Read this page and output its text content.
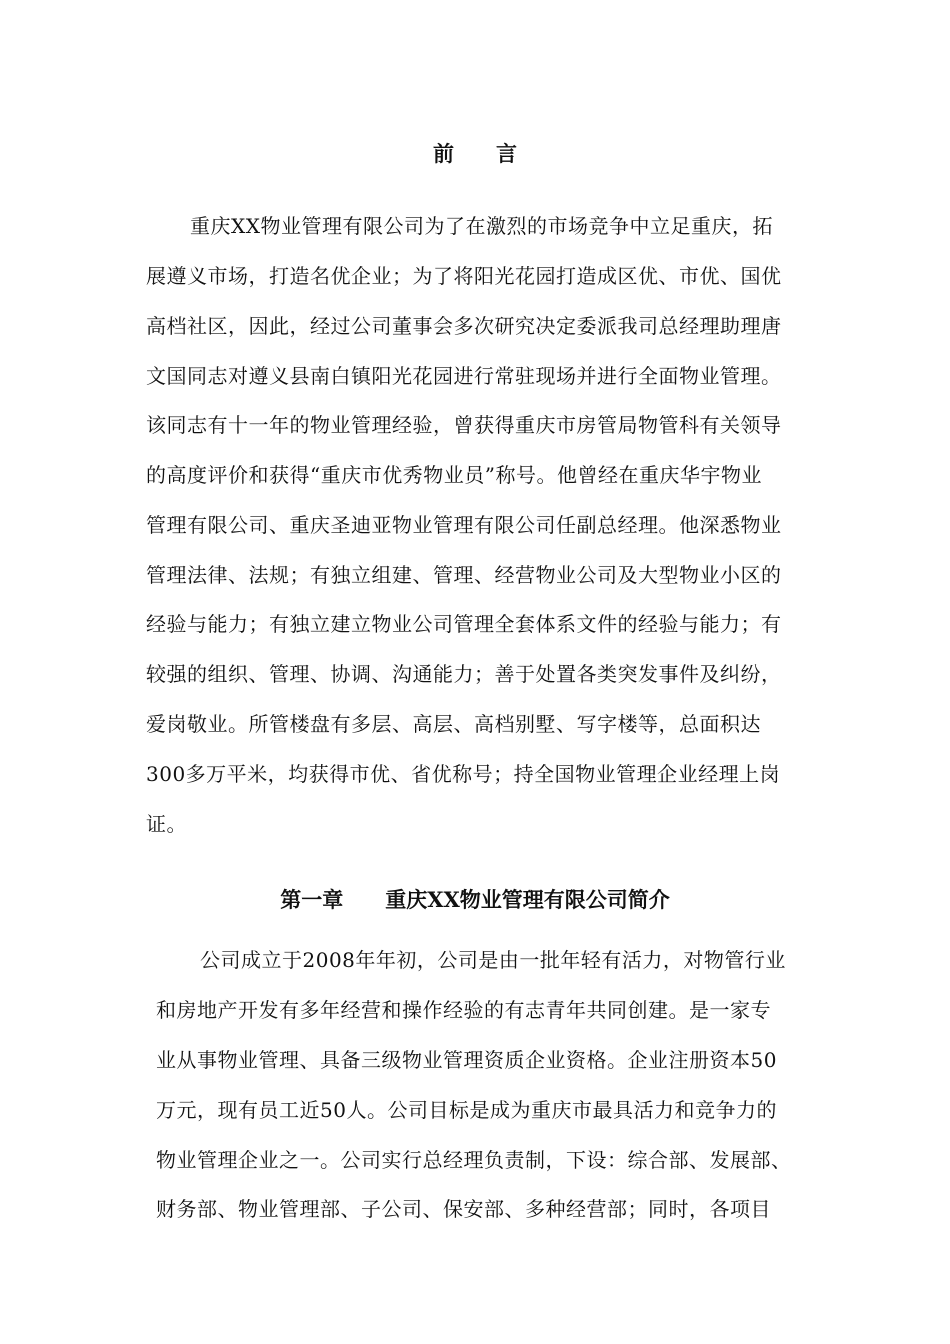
前　　言

重庆XX物业管理有限公司为了在激烈的市场竞争中立足重庆，拓

展遵义市场，打造名优企业；为了将阳光花园打造成区优、市优、国优

高档社区，因此，经过公司董事会多次研究决定委派我司总经理助理唐

文国同志对遵义县南白镇阳光花园进行常驻现场并进行全面物业管理。

该同志有十一年的物业管理经验，曾获得重庆市房管局物管科有关领导

的高度评价和获得“重庆市优秀物业员”称号。他曾经在重庆华宇物业

管理有限公司、重庆圣迪亚物业管理有限公司任副总经理。他深悉物业

管理法律、法规；有独立组建、管理、经营物业公司及大型物业小区的

经验与能力；有独立建立物业公司管理全套体系文件的经验与能力；有

较强的组织、管理、协调、沟通能力；善于处置各类突发事件及纠纷，

爱岗敬业。所管楼盘有多层、高层、高档别墅、写字楼等，总面积达

300多万平米，均获得市优、省优称号；持全国物业管理企业经理上岗

证。

第一章　　重庆XX物业管理有限公司简介

公司成立于2008年年初，公司是由一批年轻有活力，对物管行业

和房地产开发有多年经营和操作经验的有志青年共同创建。是一家专

业从事物业管理、具备三级物业管理资质企业资格。企业注册资本50

万元，现有员工近50人。公司目标是成为重庆市最具活力和竞争力的

物业管理企业之一。公司实行总经理负责制，下设：综合部、发展部、

财务部、物业管理部、子公司、保安部、多种经营部；同时，各项目
